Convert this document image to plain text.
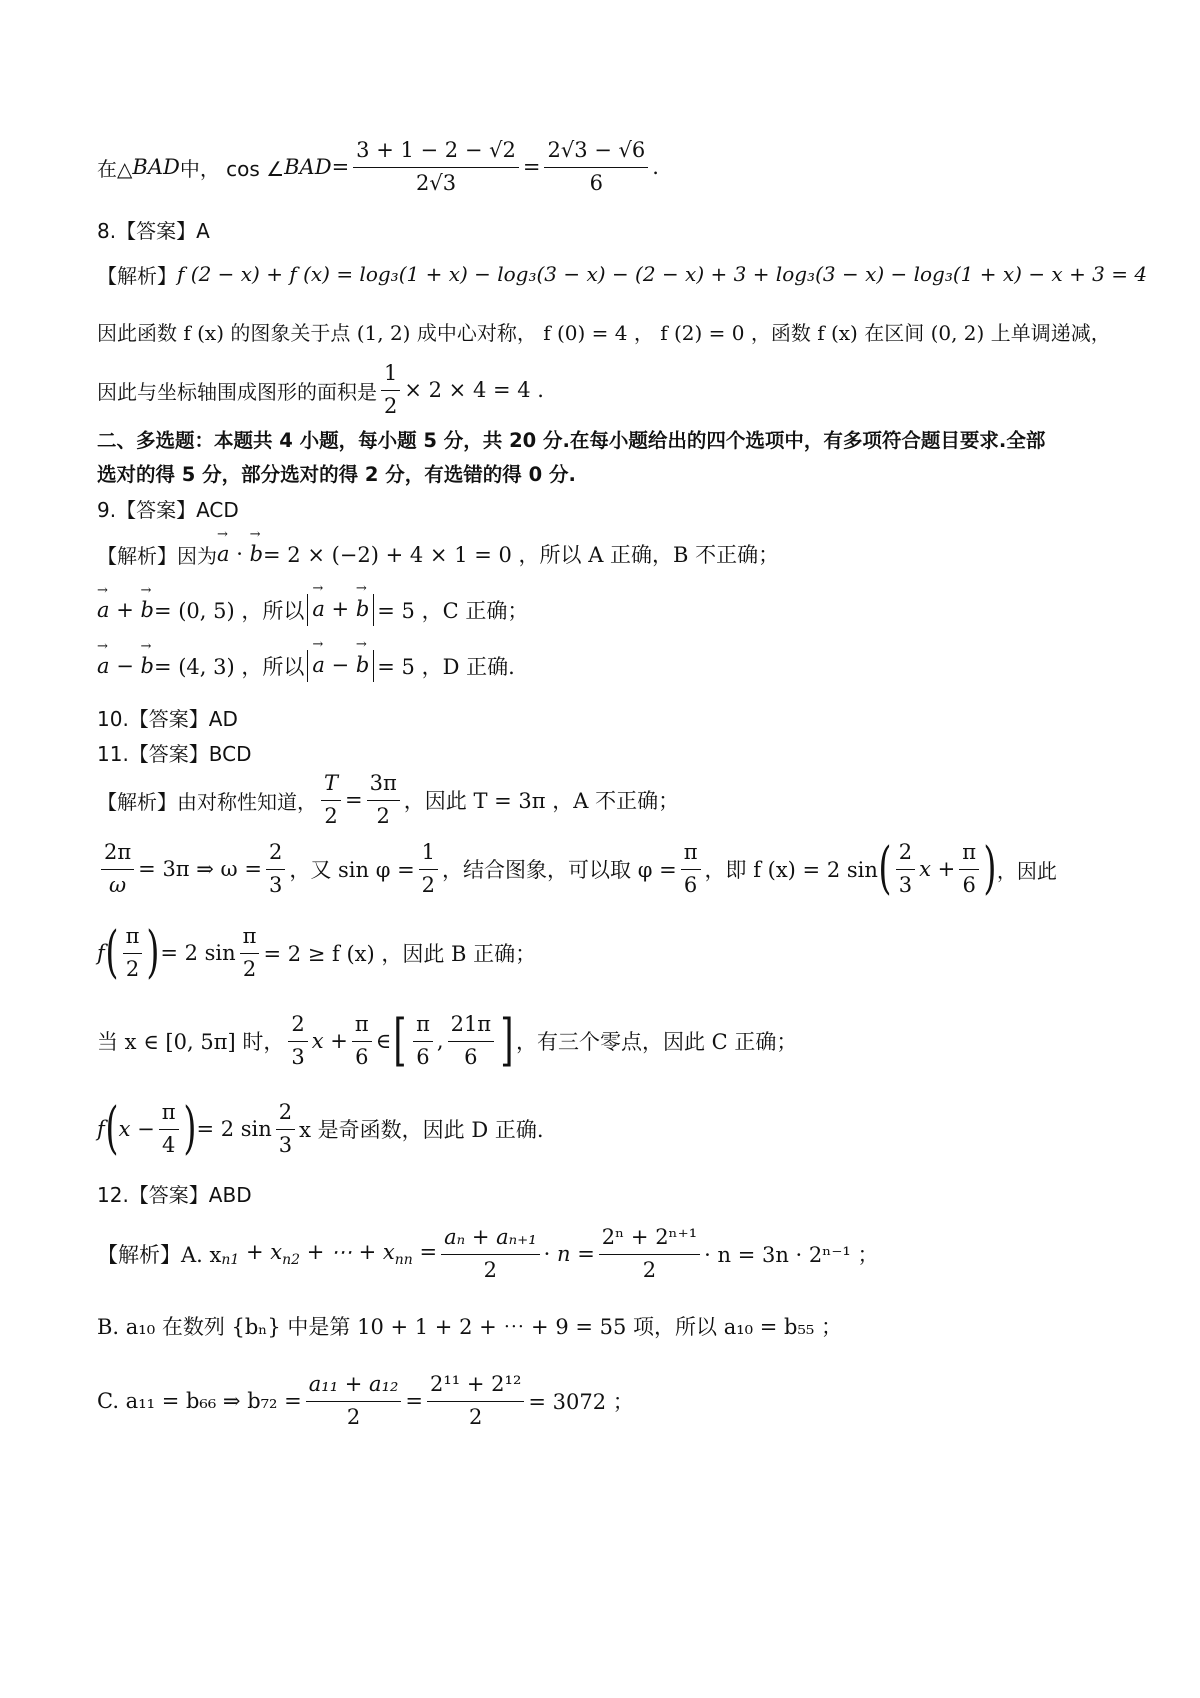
在△ BAD 中， cos ∠ BAD = $\frac{3 + 1 - 2 - √2}{2√3} = \frac{2√3 - √6}{6}$ .
8.【答案】A
【解析】 f (2 − x) + f (x) = log₃(1 + x) − log₃(3 − x) − (2 − x) + 3 + log₃(3 − x) − log₃(1 + x) − x + 3 = 4
因此函数 f (x) 的图象关于点 (1, 2) 成中心对称， f (0) = 4 ， f (2) = 0 ，函数 f (x) 在区间 (0, 2) 上单调递减，
因此与坐标轴围成图形的面积是 $\frac{1}{2} \times 2 \times 4 = 4$ .
二、多选题：本题共 4 小题，每小题 5 分，共 20 分.在每小题给出的四个选项中，有多项符合题目要求.全部
选对的得 5 分，部分选对的得 2 分，有选错的得 0 分.
9.【答案】ACD
【解析】因为 → a · → b = 2 × (−2) + 4 × 1 = 0 ，所以 A 正确，B 不正确；
→ a + → b = (0, 5) ，所以 → a + → b = 5 ，C 正确；
→ a − → b = (4, 3) ，所以 → a − → b = 5 ，D 正确.
10.【答案】AD
11.【答案】BCD
【解析】由对称性知道， $\frac{T}{2} = \frac{3\pi}{2}$ ，因此 T = 3π ，A 不正确；
$\frac{2\pi}{\omega} = 3\pi$ ⇒ $\omega = \frac{2}{3}$ ，又 $\sin \varphi = \frac{1}{2}$ ，结合图象，可以取 $\varphi = \frac{\pi}{6}$ ，即 f (x) = 2 sin ( $\frac{2}{3}$ $x + \frac{\pi}{6}$ ) ，因此
f ( $\frac{\pi}{2}$ ) = 2 $\sin \frac{\pi}{2} = 2 \ge f$ (x) ，因此 B 正确；
当 x ∈ [0, 5π] 时， $\frac{2}{3}$ $x + \frac{\pi}{6}$ ∈ [ $\frac{\pi}{6}$ , $\frac{21\pi}{6}$ ] ，有三个零点，因此 C 正确；
f ( $x - \frac{\pi}{4}$ ) = 2 $\sin \frac{2}{3}$ x 是奇函数，因此 D 正确.
12.【答案】ABD
【解析】A. x $_{n1} + x_{n2}$ + ⋯ + $x_{nn} = \frac{\text{aₙ + aₙ₊₁}}{2} \cdot n = \frac{\text{2ⁿ + 2ⁿ⁺¹}}{2} \cdot n = 3n \cdot 2^{n-1}$ ；
B. a₁₀ 在数列 {bₙ} 中是第 10 + 1 + 2 + ⋯ + 9 = 55 项，所以 a₁₀ = b₅₅ ；
C. a₁₁ = b₆₆ ⇒ $b_{72} = \frac{\text{a₁₁ + a₁₂}}{2} = \frac{\text{2¹¹ + 2¹²}}{2} = 3072$ ；
